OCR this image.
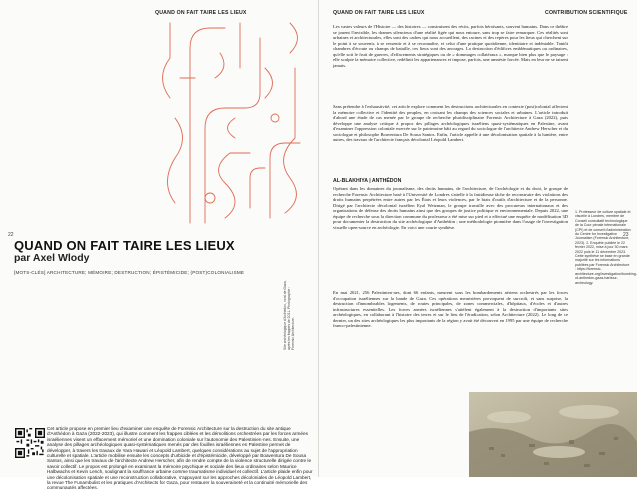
QUAND ON FAIT TAIRE LES LIEUX
22
QUAND ON FAIT TAIRE LES LIEUX
par Axel Wlody
[MOTS-CLÉS] ARCHITECTURE; MÉMOIRE; DESTRUCTION; ÉPISTÉMICIDE; (POST)COLONIALISME
Cet article propose en premier lieu d'examiner une enquête de Forensic Architecture sur la destruction du site antique d'Anthédon à Gaza (2022-2023), qui illustre comment les frappes ciblées et les démolitions orchestrées par les forces armées israéliennes visent un effacement mémoriel et une domination coloniale sur l'autonomie des Palestinien·nes. Ensuite, une analyse des pillages archéologiques quasi-systématiques menés par des fouilles israéliennes en Palestine permet de développer, à travers les travaux de Yara Hawari et Léopold Lambert, quelques considérations au sujet de l'appropriation culturelle et spatiale. L'article mobilise ensuite les concepts d'urbicide et d'épistémicide, développé par Boaventura De Sousa Santos, ainsi que les travaux de l'architecte Andrew Herscher, afin de rendre compte de la violence structurelle dirigée contre le savoir collectif. Le propos est prolongé en examinant la mémoire psychique et sociale des lieux ordinaires selon Maurice Halbwachs et Kevin Lench, soulignant la souffrance urbaine comme traumatisme individuel et collectif. L'article plaide enfin pour une décolonisation spatiale et une reconstruction collaborative, s'appuyant sur les approches décoloniales de Léopold Lambert, la revue The Funambulist et les pratiques d'Architects for Gaza, pour restaurer la souveraineté et la continuité mémorielle des communautés affectées.
Site archéologique d'Anthédon, nord de Gaza, après les frappes de 2021. Photographie : Forensic Architecture.
QUAND ON FAIT TAIRE LES LIEUX	CONTRIBUTION SCIENTIFIQUE

Les vastes valeurs de l'Histoire — des histoires — construisent des récits, parfois héroïsants, souvent humains. Dans ce théâtre se jouent l'invisible, les drames silencieux d'une réalité figée qui nous entoure, sans trop se faire remarquer. Ces réalités sont urbaines et architecturales, elles sont des cadres qui nous accueillent, des racines et des repères pour les lieux qui cherchent sur le point à se souvenir, à se ressentir et à se reconnaître, et celui d'une pratique quotidienne, identitaire et indéniable. Tantôt chambres d'écoute ou champs de bataille, ces lieux sont des ancrages. La destruction d'édifices emblématiques ou ordinaires, qu'elle soit le fruit de guerres, d'effacements stratégiques ou de « dommages collatéraux », marque bien plus que le paysage : elle sculpte la mémoire collective, redéfinit les appartenances et impose, parfois, une amnésie forcée. Mais en leur ne se taisent jamais.

Sans prétendre à l'exhaustivité, cet article explore comment les destructions architecturales en contexte (post)colonial affectent la mémoire collective et l'identité des peuples, en croisant les champs des sciences sociales et urbaines. L'article introduit d'abord une étude de cas menée par le groupe de recherche pluridisciplinaire Forensic Architecture à Gaza (2022), puis développe une analyse critique à propos des pillages archéologiques israéliens quasi-systématiques en Palestine, avant d'examiner l'oppression coloniale exercée sur le patrimoine bâti au regard du sociologue de l'architecte Andrew Herscher et du sociologue et philosophe Boaventura De Sousa Santos. Enfin, l'article appelle à une décolonisation spatiale à la lumière, entre autres, des travaux de l'architecte français décolonial Léopold Lambert.

AL-BLAKHIYA | ANTHÉDON

Opérant dans les domaines du journalisme, des droits humains, de l'architecture, de l'archéologie et du droit, le groupe de recherche Forensic Architecture basé à l'Université de Londres s'attelle à la fastidieuse tâche de reconstruire des violations des droits humains perpétrées entre autres par les États et leurs violences, par le biais d'outils d'architecture et de la personne. Dirigé par l'architecte décolonial israélien Eyal Weizman, le groupe travaille avec des procureurs internationaux et des organisations de défense des droits humains ainsi que des groupes de justice politique et environnementale. Depuis 2022, une équipe de recherche sous la direction commune du professeur a été mise sur pied et a effectué une enquête de modélisation 3D pour documenter la destruction du site archéologique d'Anthédon ; une méthodologie pionnière dans l'usage de l'investigation visuelle open-source en archéologie. En voici une courte synthèse.

En mai 2021, 256 Palestinien·nes, dont 66 enfants, meurent sous les bombardements aériens orchestrés par les forces d'occupation israéliennes sur la bande de Gaza. Ces opérations meurtrières provoquent de surcroît, et sans surprise, la destruction d'innombrables logements, de routes principales, de zones commerciales, d'hôpitaux, d'écoles et d'autres infrastructures essentielles. Les forces armées israéliennes s'attèlent également à la destruction d'importants sites archéologiques, en collaborant à l'histoire des terres et sur le lieu de l'éradication, selon Architecture (2022). Le long de ce dernier, un des sites archéologiques les plus importants de la région y avait été découvert en 1995 par une équipe de recherche franco-palestinienne.

1. Professeur de culture spatiale et visuelle à Londres, membre de Conseil consultatif technologique de la Cour pénale internationale (CPI) et de conseil d'administration du Centre for Investigative Journalism (Forensic Architecture, 2023). 2. Enquête publiée le 22 février 2022, mise à jour 30 mars 2022 puis le 11 décembre 2023. Cette synthèse se base en grande majorité sur les informations publiées par Forensic Architecture : https://forensic-architecture.org/investigation/bombing-of-anthedon-gaza-harbour-archeology.
23
